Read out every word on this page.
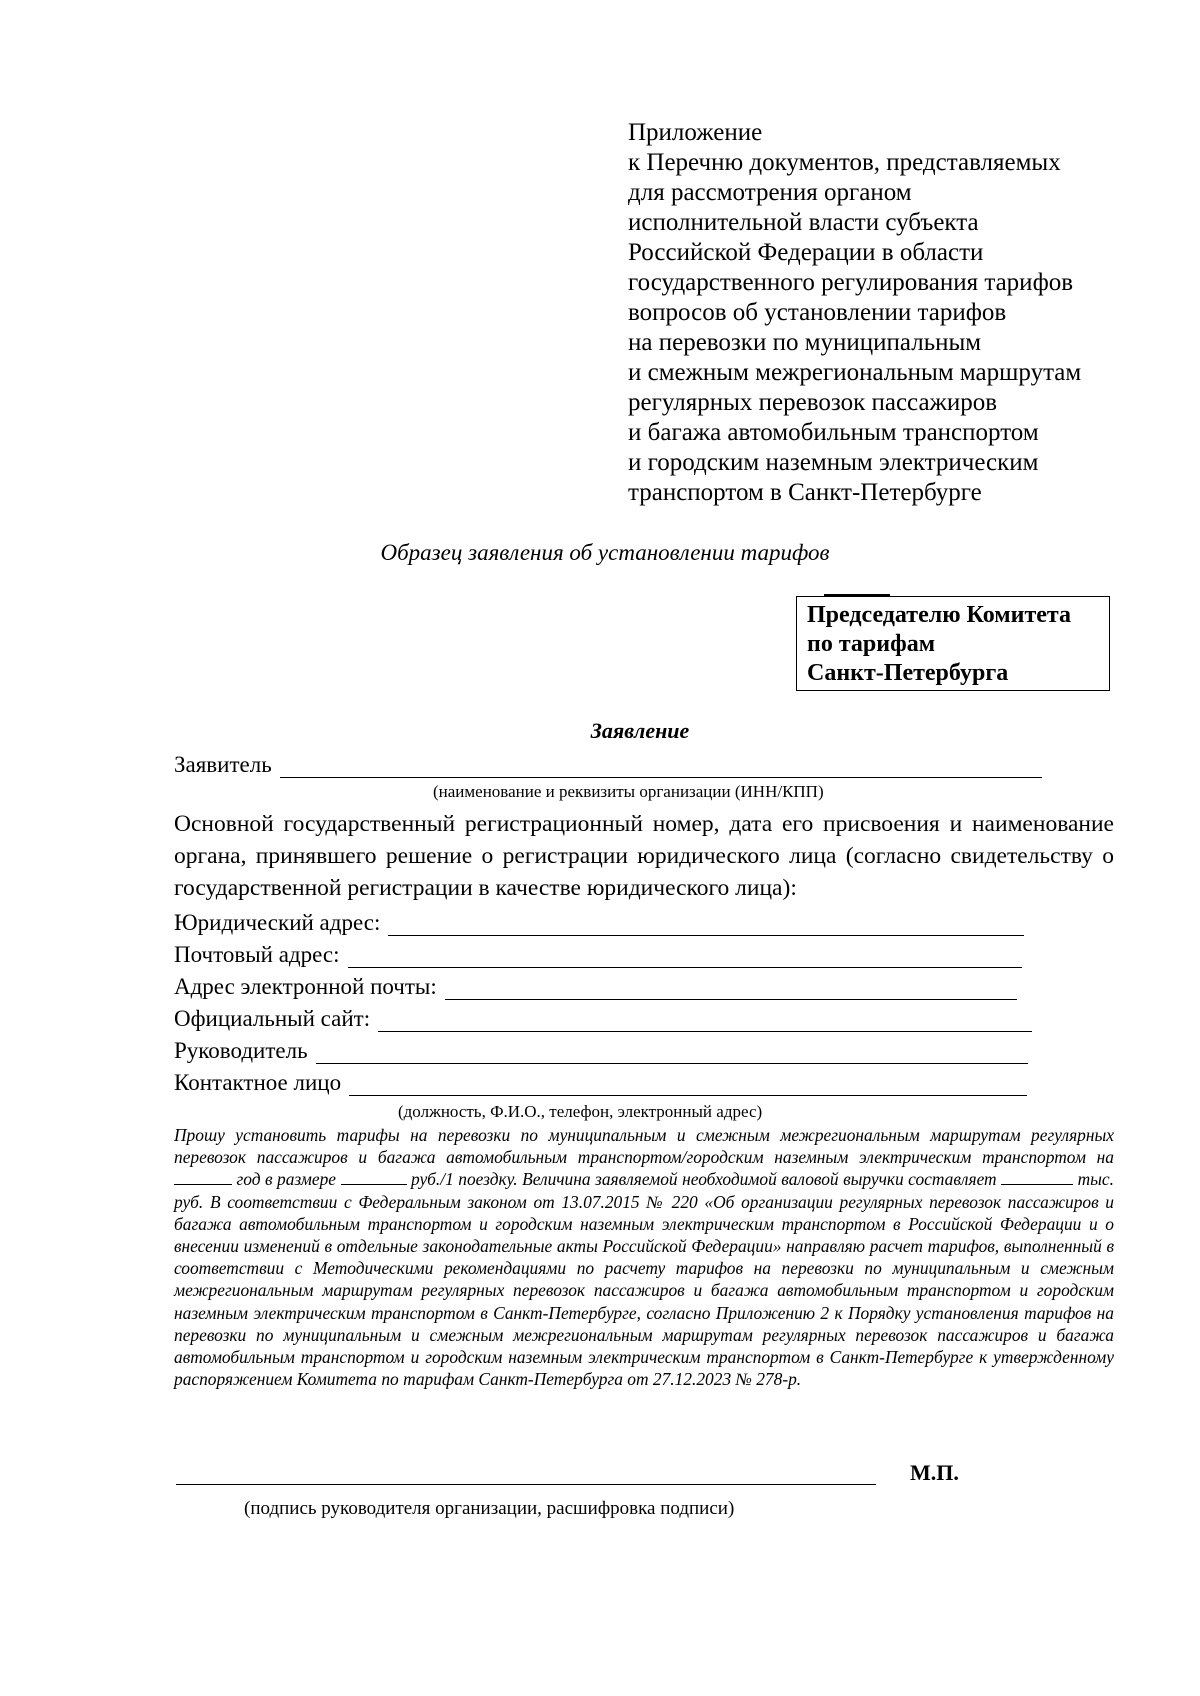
Приложение
к Перечню документов, представляемых
для рассмотрения органом
исполнительной власти субъекта
Российской Федерации в области
государственного регулирования тарифов
вопросов об установлении тарифов
на перевозки по муниципальным
и смежным межрегиональным маршрутам
регулярных перевозок пассажиров
и багажа автомобильным транспортом
и городским наземным электрическим
транспортом в Санкт-Петербурге
Образец заявления об установлении тарифов
Председателю Комитета
по тарифам
Санкт-Петербурга
Заявление
Заявитель
(наименование и реквизиты организации (ИНН/КПП)
Основной государственный регистрационный номер, дата его присвоения и наименование органа, принявшего решение о регистрации юридического лица (согласно свидетельству о государственной регистрации в качестве юридического лица):
Юридический адрес:
Почтовый адрес:
Адрес электронной почты:
Официальный сайт:
Руководитель
Контактное лицо
(должность, Ф.И.О., телефон, электронный адрес)
Прошу установить тарифы на перевозки по муниципальным и смежным межрегиональным маршрутам регулярных перевозок пассажиров и багажа автомобильным транспортом/городским наземным электрическим транспортом на  год в размере	руб./1 поездку. Величина заявляемой необходимой валовой выручки составляет	тыс. руб. В соответствии с Федеральным законом от 13.07.2015 № 220 «Об организации регулярных перевозок пассажиров и багажа автомобильным транспортом и городским наземным электрическим транспортом в Российской Федерации и о внесении изменений в отдельные законодательные акты Российской Федерации» направляю расчет тарифов, выполненный в соответствии с Методическими рекомендациями по расчету тарифов на перевозки по муниципальным и смежным межрегиональным маршрутам регулярных перевозок пассажиров и багажа автомобильным транспортом и городским наземным электрическим транспортом в Санкт-Петербурге, согласно Приложению 2 к Порядку установления тарифов на перевозки по муниципальным и смежным межрегиональным маршрутам регулярных перевозок пассажиров и багажа автомобильным транспортом и городским наземным электрическим транспортом в Санкт-Петербурге к утвержденному распоряжением Комитета по тарифам Санкт-Петербурга от 27.12.2023 № 278-р.
М.П.
(подпись руководителя организации, расшифровка подписи)
